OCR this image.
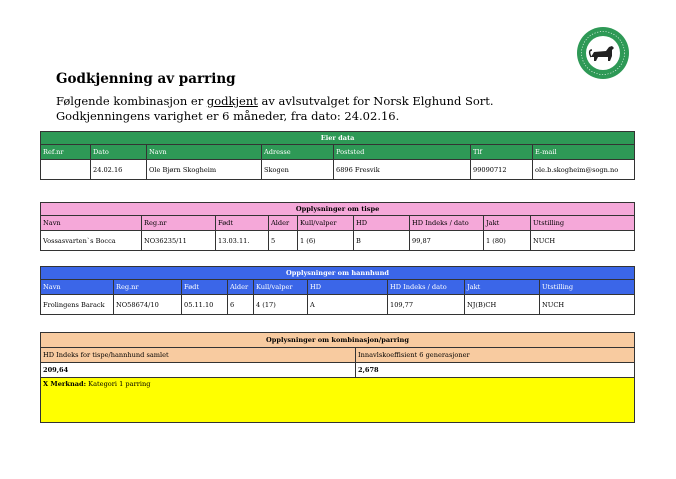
Godkjenning av parring
Følgende kombinasjon er godkjent av avlsutvalget for Norsk Elghund Sort.
Godkjenningens varighet er 6 måneder, fra dato: 24.02.16.
Eier data						
Ref.nr	Dato	Navn	Adresse	Poststed	Tlf	E-mail
	24.02.16	Ole Bjørn Skogheim	Skogen	6896 Fresvik	99090712	ole.b.skogheim@sogn.no
Opplysninger om tispe								
Navn	Reg.nr	Født	Alder	Kull/valper	HD	HD Indeks / dato	Jakt	Utstilling
Vossasvarten`s Bocca	NO36235/11	13.03.11.	5	1 (6)	B	99,87	1 (80)	NUCH
Opplysninger om hannhund								
Navn	Reg.nr	Født	Alder	Kull/valper	HD	HD Indeks / dato	Jakt	Utstilling
Frolingens Barack	NO58674/10	05.11.10	6	4 (17)	A	109,77	NJ(B)CH	NUCH
Opplysninger om kombinasjon/parring	
HD Indeks for tispe/hannhund samlet	Innavlskoeffisient 6 generasjoner
209,64	2,678
X Merknad: Kategori 1 parring	
